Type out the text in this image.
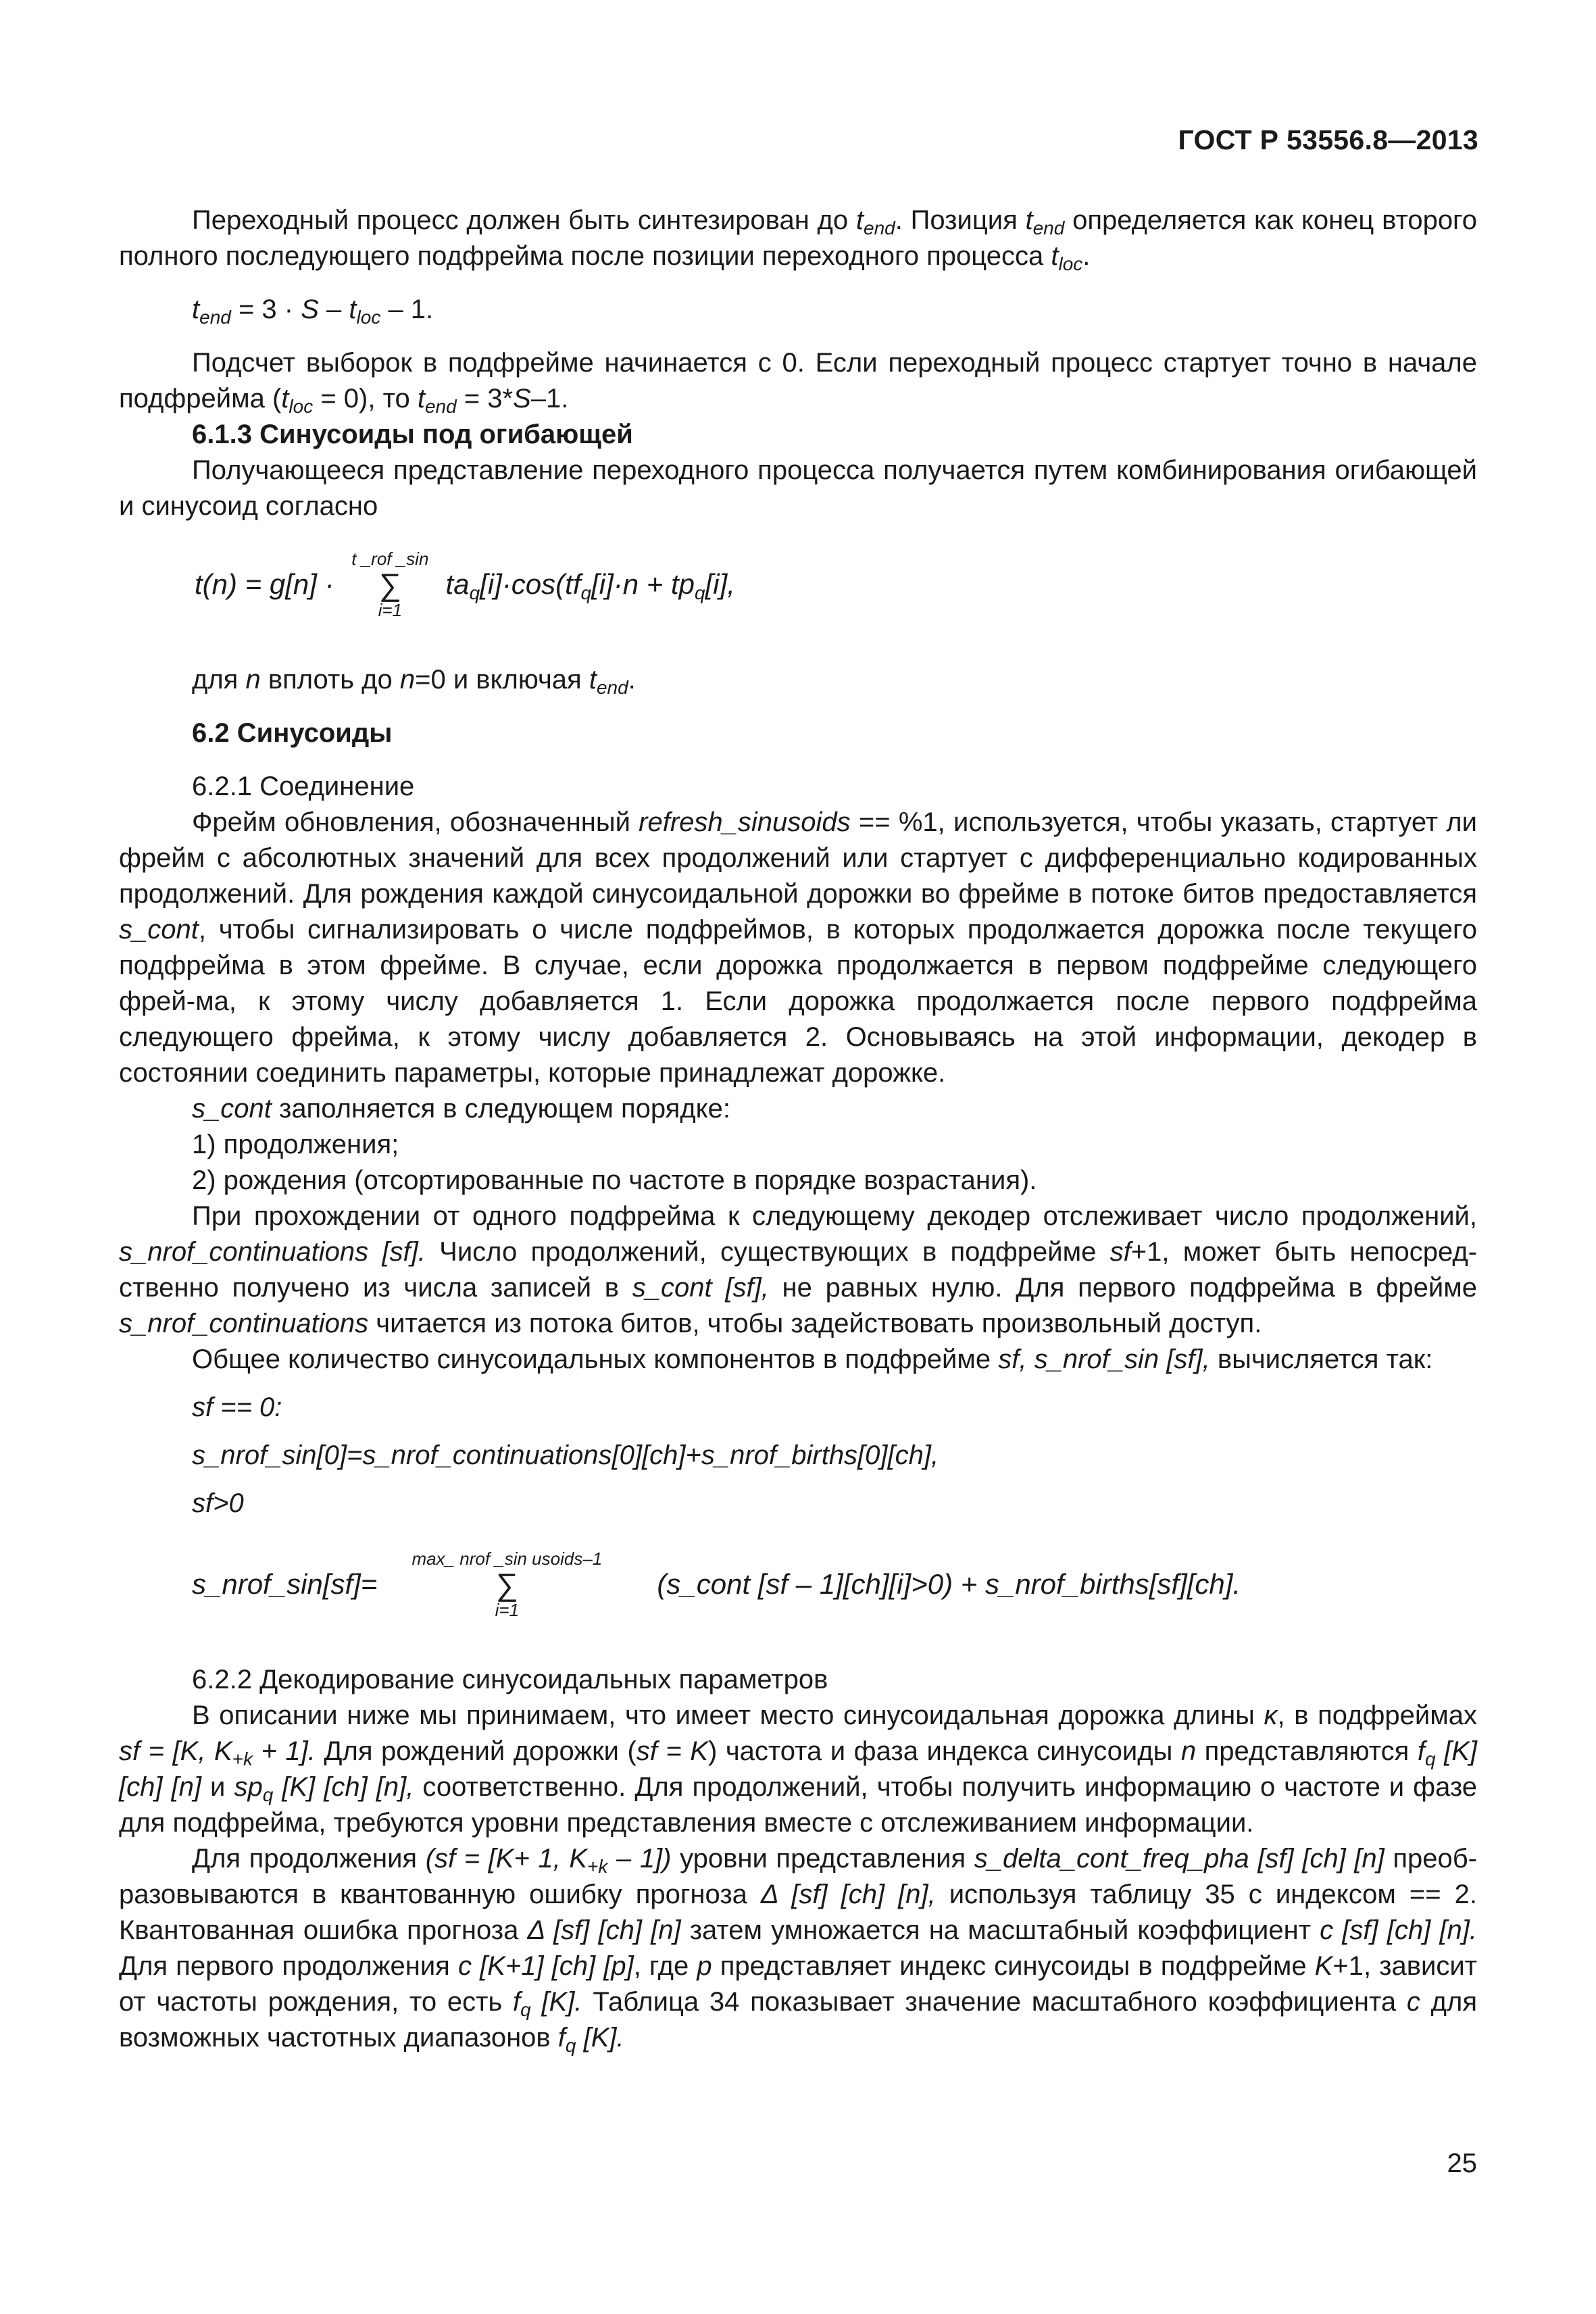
ГОСТ Р 53556.8—2013

Переходный процесс должен быть синтезирован до $t_{end}$. Позиция $t_{end}$ определяется как конец второго полного последующего подфрейма после позиции переходного процесса $t_{loc}$.

$t_{end} = 3 \cdot S - t_{loc} - 1$.

Подсчет выборок в подфрейме начинается с 0. Если переходный процесс стартует точно в начале подфрейма $(t_{loc} = 0)$, то $t_{end} = 3*S-1$.

6.1.3 Синусоиды под огибающей

Получающееся представление переходного процесса получается путем комбинирования огибающей и синусоид согласно

t(n) = g[n] ·
t _rof _sin
∑
i=1
$ta_q[i]\cdot\cos(tf_q[i]\cdot n + tp_q[i]$,

для n вплоть до n=0 и включая $t_{end}$.

6.2 Синусоиды

6.2.1 Соединение

Фрейм обновления, обозначенный refresh_sinusoids == %1, используется, чтобы указать, стартует ли фрейм с абсолютных значений для всех продолжений или стартует с дифференциально кодированных продолжений. Для рождения каждой синусоидальной дорожки во фрейме в потоке битов предоставляется s_cont, чтобы сигнализировать о числе подфреймов, в которых продолжается дорожка после текущего подфрейма в этом фрейме. В случае, если дорожка продолжается в первом подфрейме следующего фрей-ма, к этому числу добавляется 1. Если дорожка продолжается после первого подфрейма следующего фрейма, к этому числу добавляется 2. Основываясь на этой информации, декодер в состоянии соединить параметры, которые принадлежат дорожке.

s_cont заполняется в следующем порядке:

1) продолжения;

2) рождения (отсортированные по частоте в порядке возрастания).

При прохождении от одного подфрейма к следующему декодер отслеживает число продолжений, s_nrof_continuations [sf]. Число продолжений, существующих в подфрейме sf+1, может быть непосред-ственно получено из числа записей в s_cont [sf], не равных нулю. Для первого подфрейма в фрейме s_nrof_continuations читается из потока битов, чтобы задействовать произвольный доступ.

Общее количество синусоидальных компонентов в подфрейме sf, s_nrof_sin [sf], вычисляется так:

sf == 0:

s_nrof_sin[0]=s_nrof_continuations[0][ch]+s_nrof_births[0][ch],

sf>0

s_nrof_sin[sf]=
max_ nrof _sin usoids–1
∑
i=1
(s_cont [sf – 1][ch][i]>0) + s_nrof_births[sf][ch].

6.2.2 Декодирование синусоидальных параметров

В описании ниже мы принимаем, что имеет место синусоидальная дорожка длины κ, в подфреймах sf = [K, $K_{+k} + 1$]. Для рождений дорожки (sf = K) частота и фаза индекса синусоиды n представляются $f_q$ [K] [ch] [n] и $sp_q$ [K] [ch] [n], соответственно. Для продолжений, чтобы получить информацию о частоте и фазе для подфрейма, требуются уровни представления вместе с отслеживанием информации.

Для продолжения (sf = [K+ 1, $K_{+k} - 1$]) уровни представления s_delta_cont_freq_pha [sf] [ch] [n] преоб-разовываются в квантованную ошибку прогноза Δ [sf] [ch] [n], используя таблицу 35 с индексом == 2. Квантованная ошибка прогноза Δ [sf] [ch] [n] затем умножается на масштабный коэффициент c [sf] [ch] [n]. Для первого продолжения c [K+1] [ch] [p], где p представляет индекс синусоиды в подфрейме K+1, зависит от частоты рождения, то есть $f_q$ [K]. Таблица 34 показывает значение масштабного коэффициента c для возможных частотных диапазонов $f_q$ [K].

25
